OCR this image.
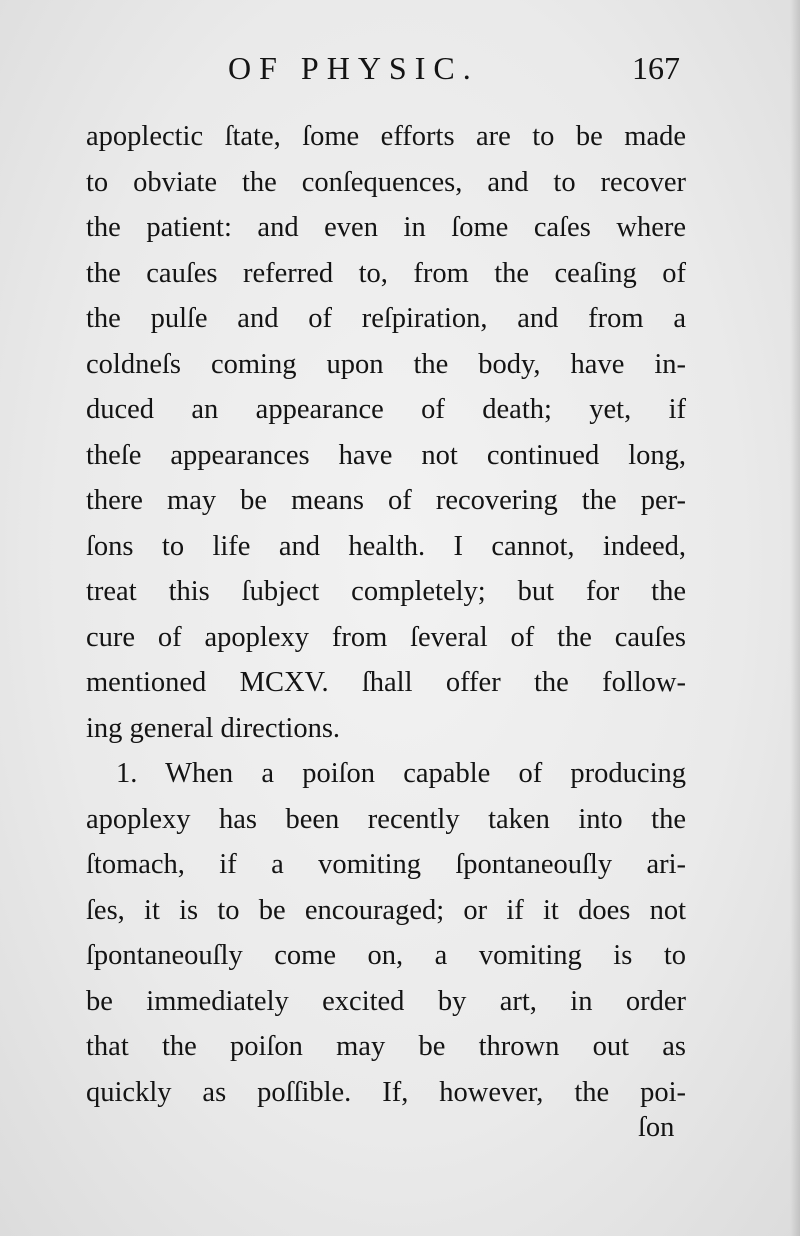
OF PHYSIC.	167
apoplectic ſtate, ſome efforts are to be made
to obviate the conſequences, and to recover
the patient: and even in ſome caſes where
the cauſes referred to, from the ceaſing of
the pulſe and of reſpiration, and from a
coldneſs coming upon the body, have in-
duced an appearance of death; yet, if
theſe appearances have not continued long,
there may be means of recovering the per-
ſons to life and health. I cannot, indeed,
treat this ſubject completely; but for the
cure of apoplexy from ſeveral of the cauſes
mentioned MCXV. ſhall offer the follow-
ing general directions.
1. When a poiſon capable of producing
apoplexy has been recently taken into the
ſtomach, if a vomiting ſpontaneouſly ari-
ſes, it is to be encouraged; or if it does not
ſpontaneouſly come on, a vomiting is to
be immediately excited by art, in order
that the poiſon may be thrown out as
quickly as poſſible. If, however, the poi-
ſon
